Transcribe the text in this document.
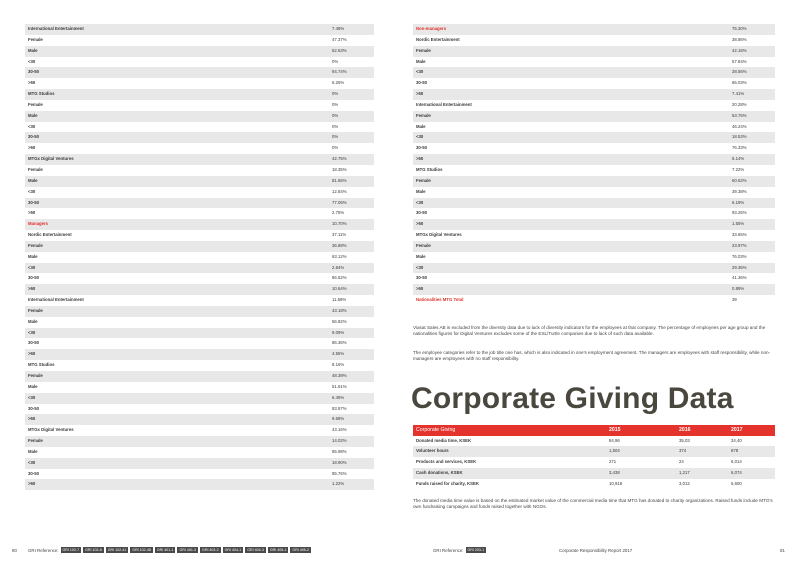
International Entertainment	7.48%
Female	47.37%
Male	52.63%
<30	0%
30-50	94.74%
>50	5.26%
MTG Studios	0%
Female	0%
Male	0%
<30	0%
30-50	0%
>50	0%
MTGx Digital Ventures	42.75%
Female	18.35%
Male	81.65%
<30	12.84%
30-50	77.06%
>50	2.75%
Managers	10.70%
Nordic Entertainment	37.11%
Female	36.88%
Male	63.12%
<30	2.84%
30-50	86.52%
>50	10.64%
International Entertainment	11.58%
Female	43.18%
Male	56.82%
<30	9.09%
30-50	86.36%
>50	4.55%
MTG Studios	8.16%
Female	48.39%
Male	51.61%
<30	6.45%
30-50	83.87%
>50	9.68%
MTGx Digital Ventures	43.16%
Female	14.02%
Male	85.98%
<30	18.90%
30-50	85.76%
>50	1.22%
Non-managers	75.30%
Nordic Entertainment	38.86%
Female	42.16%
Male	57.84%
<30	28.56%
30-50	66.03%
>50	7.41%
International Entertainment	20.28%
Female	53.76%
Male	46.24%
<30	18.53%
30-50	76.33%
>50	5.14%
MTG Studios	7.22%
Female	60.62%
Male	39.38%
<30	6.19%
30-50	93.26%
>50	1.55%
MTGx Digital Ventures	33.65%
Female	23.97%
Male	76.03%
<30	29.36%
30-50	41.36%
>50	0.89%
Nationalities MTG Total	39
Viasat Sales AB is excluded from the diversity data due to lack of diversity indicators for the employees at that company. The percentage of employees per age group and the nationalities figures for Digital Ventures excludes some of the ESL/Turtle companies due to lack of such data available.
The employee categories refer to the job title one has, which is also indicated in one's employment agreement. The managers are employees with staff responsibility, while non-managers are employees with no staff responsibility.
Corporate Giving Data
Corporate Giving	2015	2016	2017
Donated media time, KSEK	84,96	35,03	34,40
Volunteer hours	1,504	374	878
Products and services, KSEK	271	24	6,014
Cash donations, KSEK	3,438	1,217	6,074
Funds raised for charity, KSEK	10,918	3,012	5,600
The donated media time value is based on the estimated market value of the commercial media time that MTG has donated to charity organizations. Raised funds include MTG's own fundraising campaigns and funds raised together with NGOs.
80	GRI Reference: GRI 102-7 GRI 102-8 GRI 102-41 GRI 102-48 GRI 401-1 GRI 401-3 GRI 403-2 GRI 404-1 GRI 404-3 GRI 405-1 GRI 405-2	GRI Reference: GRI 203-1	Corporate Responsibility Report 2017	81
